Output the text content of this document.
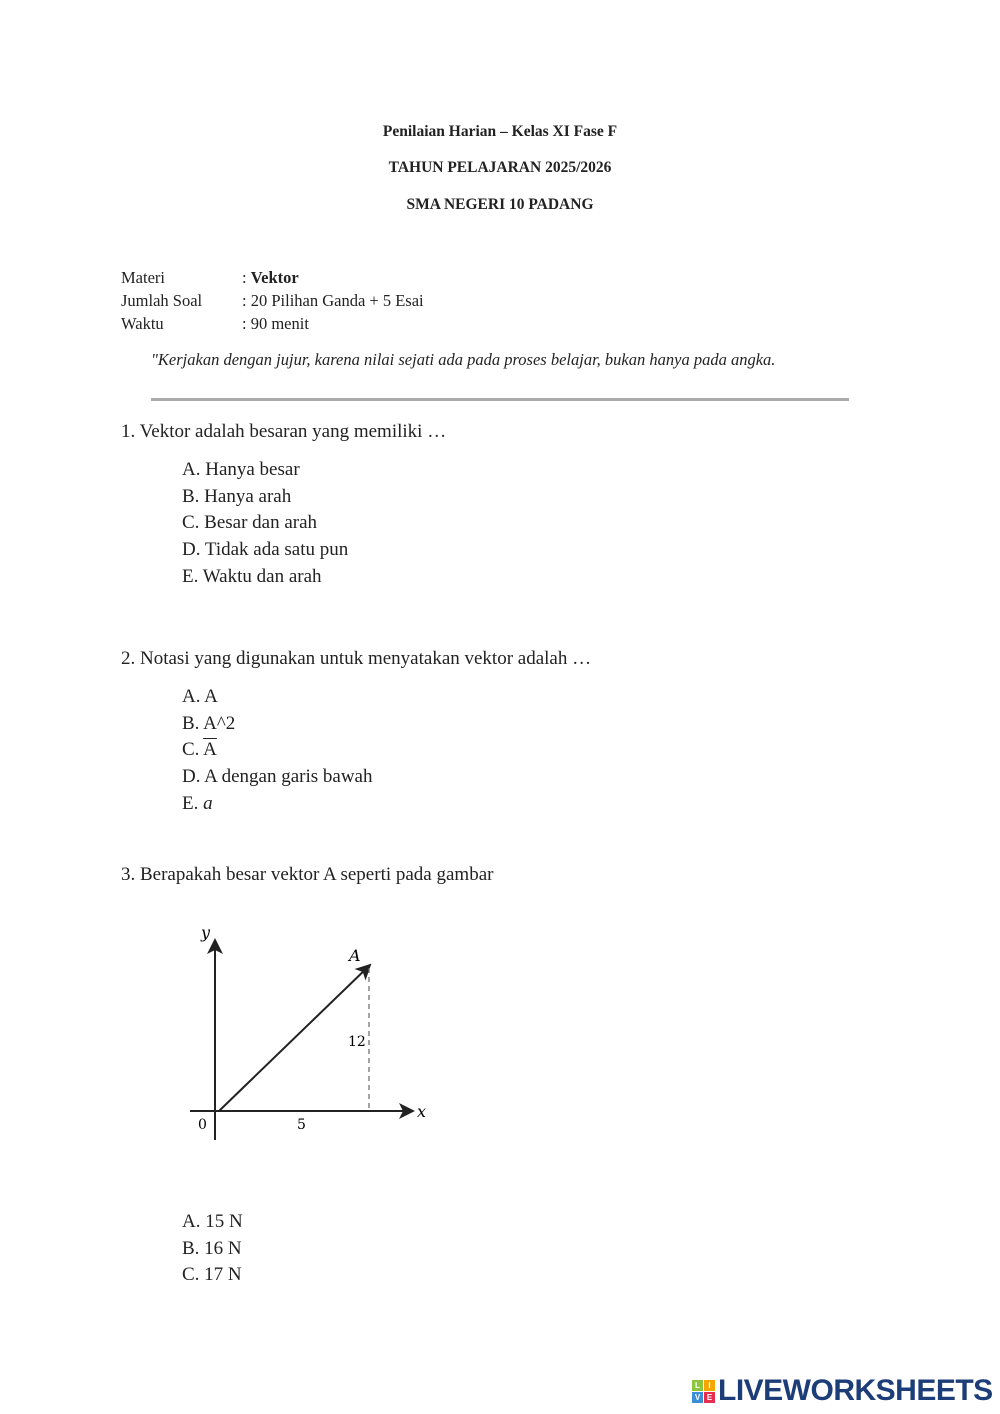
Penilaian Harian – Kelas XI Fase F
TAHUN PELAJARAN 2025/2026
SMA NEGERI 10 PADANG
Materi	: Vektor
Jumlah Soal : 20 Pilihan Ganda + 5 Esai
Waktu	: 90 menit
"Kerjakan dengan jujur, karena nilai sejati ada pada proses belajar, bukan hanya pada angka.
1. Vektor adalah besaran yang memiliki …
A. Hanya besar
B. Hanya arah
C. Besar dan arah
D. Tidak ada satu pun
E. Waktu dan arah
2. Notasi yang digunakan untuk menyatakan vektor adalah …
A. A
B. A^2
C. $\overline{A}$
D. A dengan garis bawah
E. a
3. Berapakah besar vektor A seperti pada gambar
y
A
12
0	5
x
A. 15 N
B. 16 N
C. 17 N
L	I
V E LIVEWORKSHEETS
